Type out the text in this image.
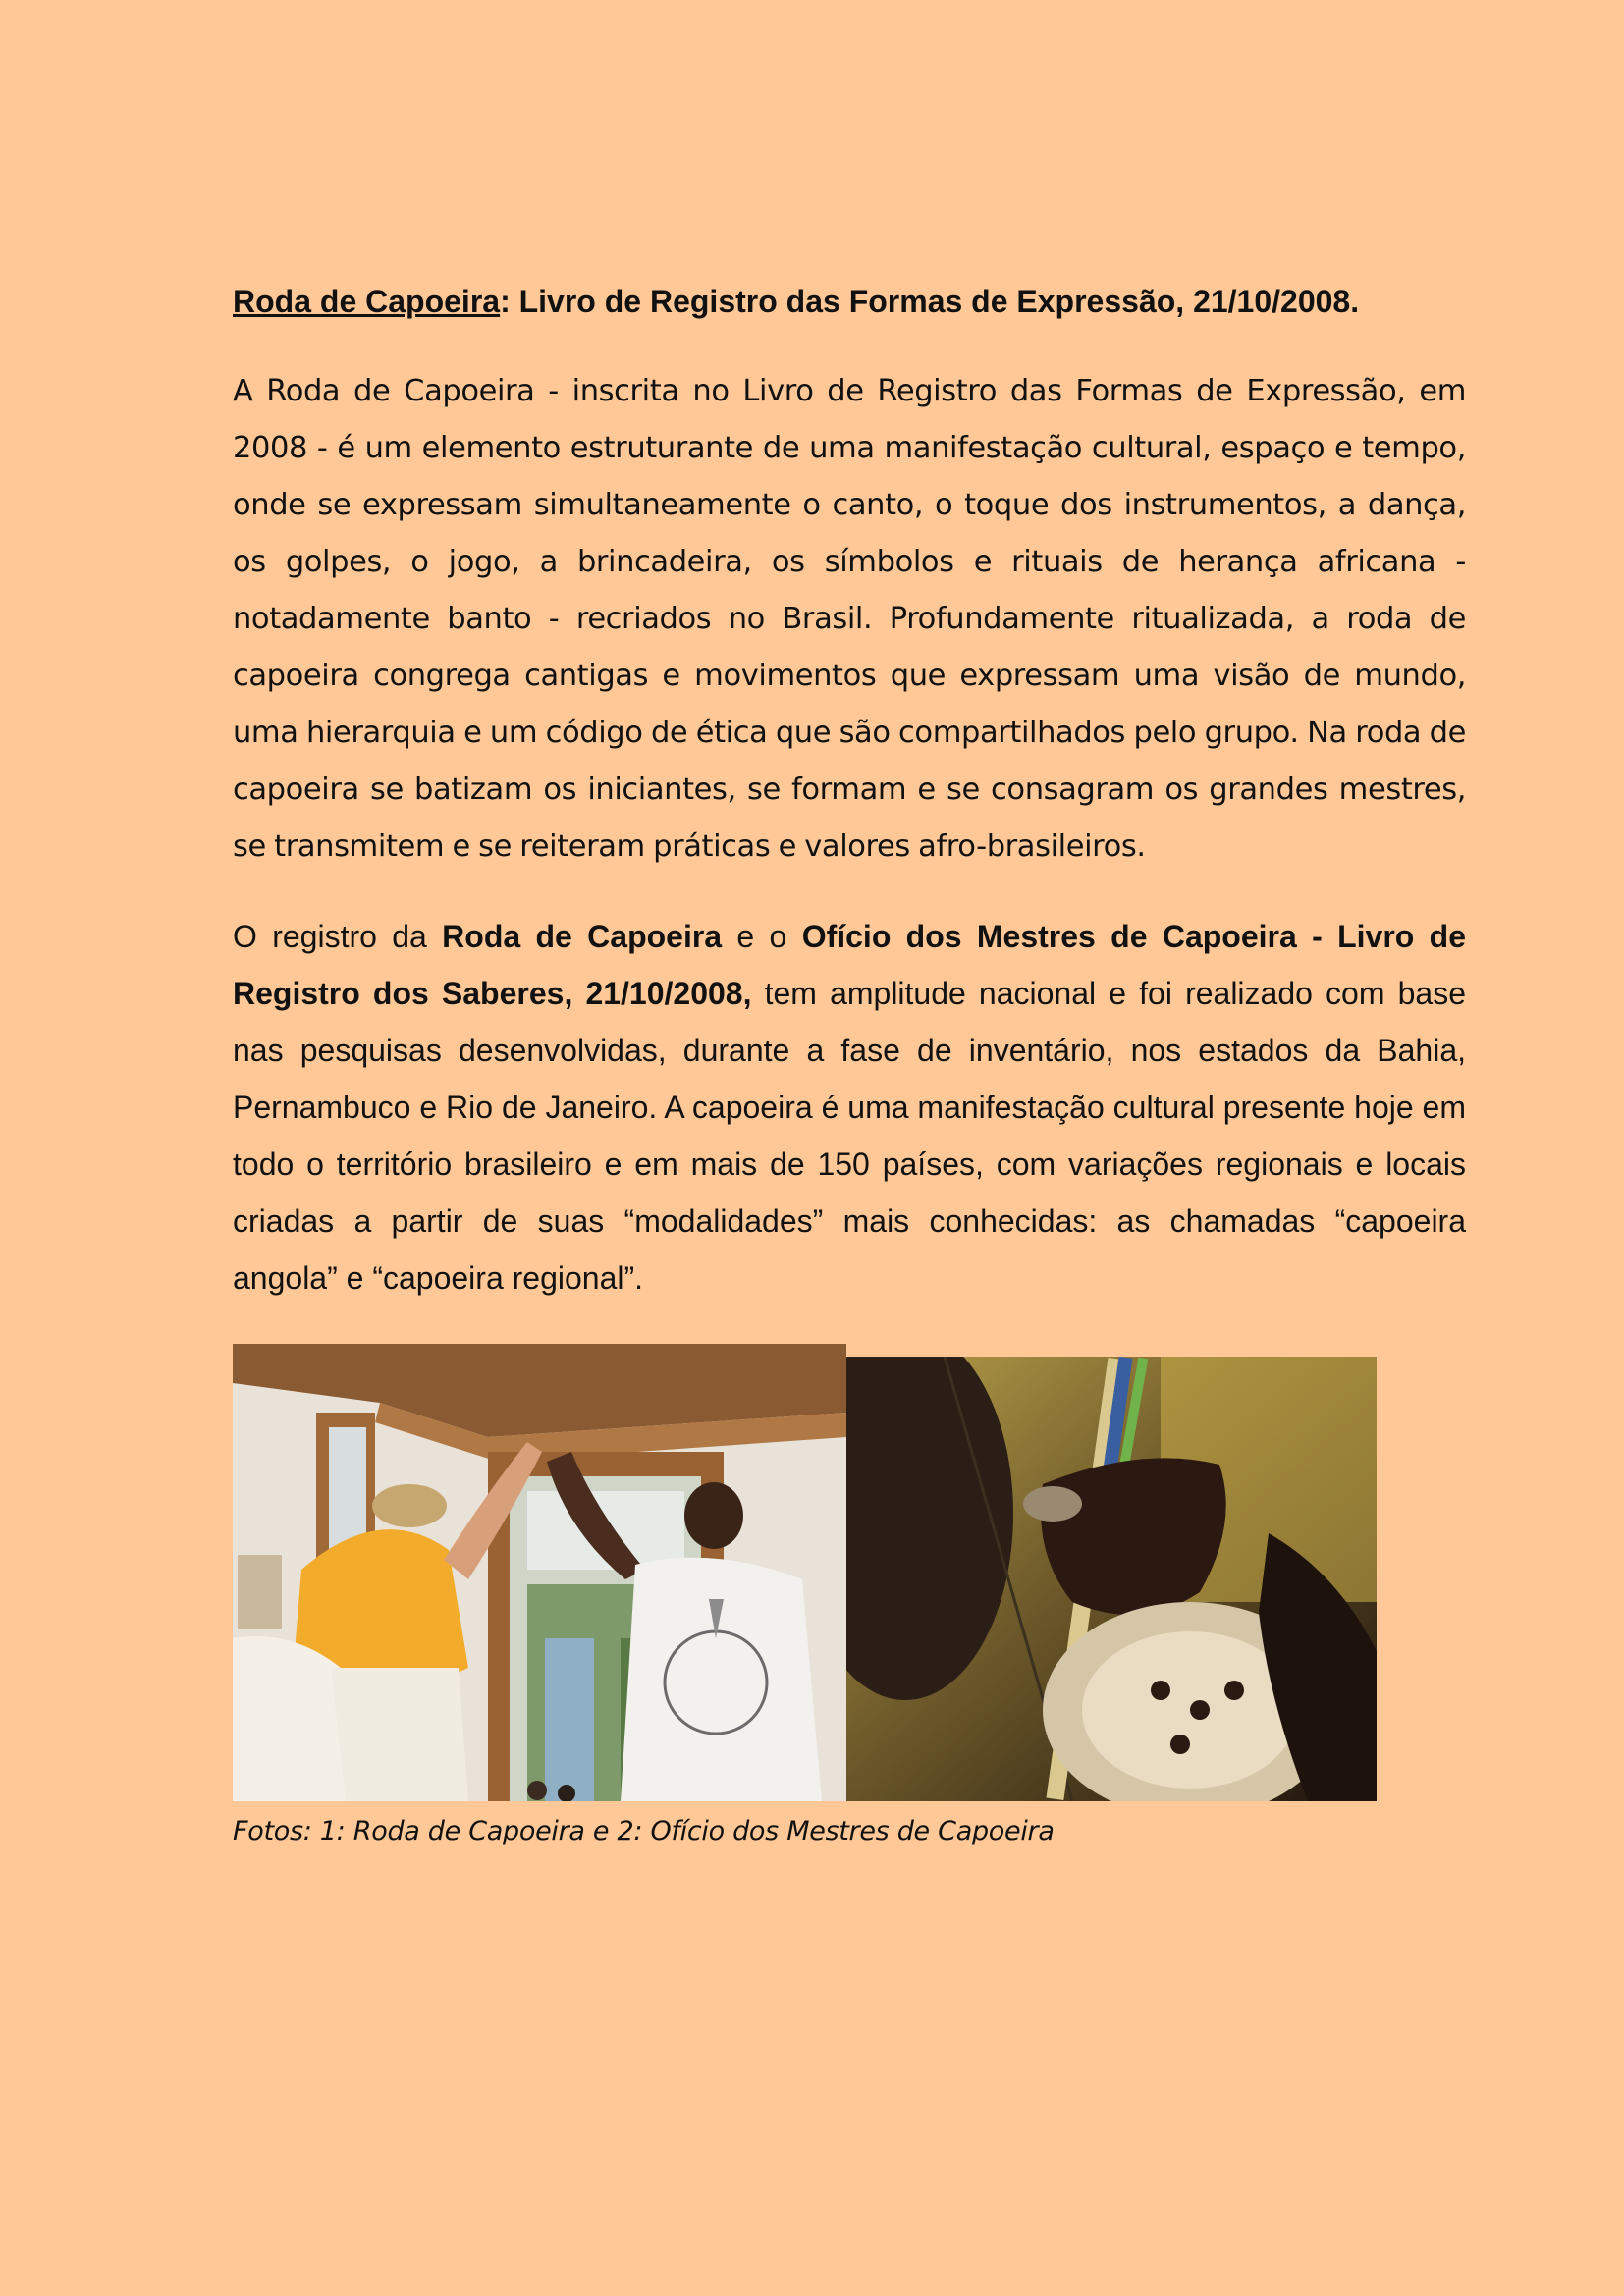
Roda de Capoeira: Livro de Registro das Formas de Expressão, 21/10/2008.

A Roda de Capoeira - inscrita no Livro de Registro das Formas de Expressão, em 2008 - é um elemento estruturante de uma manifestação cultural, espaço e tempo, onde se expressam simultaneamente o canto, o toque dos instrumentos, a dança, os golpes, o jogo, a brincadeira, os símbolos e rituais de herança africana - notadamente banto - recriados no Brasil. Profundamente ritualizada, a roda de capoeira congrega cantigas e movimentos que expressam uma visão de mundo, uma hierarquia e um código de ética que são compartilhados pelo grupo. Na roda de capoeira se batizam os iniciantes, se formam e se consagram os grandes mestres, se transmitem e se reiteram práticas e valores afro-brasileiros.

O registro da Roda de Capoeira e o Ofício dos Mestres de Capoeira - Livro de Registro dos Saberes, 21/10/2008, tem amplitude nacional e foi realizado com base nas pesquisas desenvolvidas, durante a fase de inventário, nos estados da Bahia, Pernambuco e Rio de Janeiro. A capoeira é uma manifestação cultural presente hoje em todo o território brasileiro e em mais de 150 países, com variações regionais e locais criadas a partir de suas “modalidades” mais conhecidas: as chamadas “capoeira angola” e “capoeira regional”.

Fotos: 1: Roda de Capoeira e 2: Ofício dos Mestres de Capoeira
